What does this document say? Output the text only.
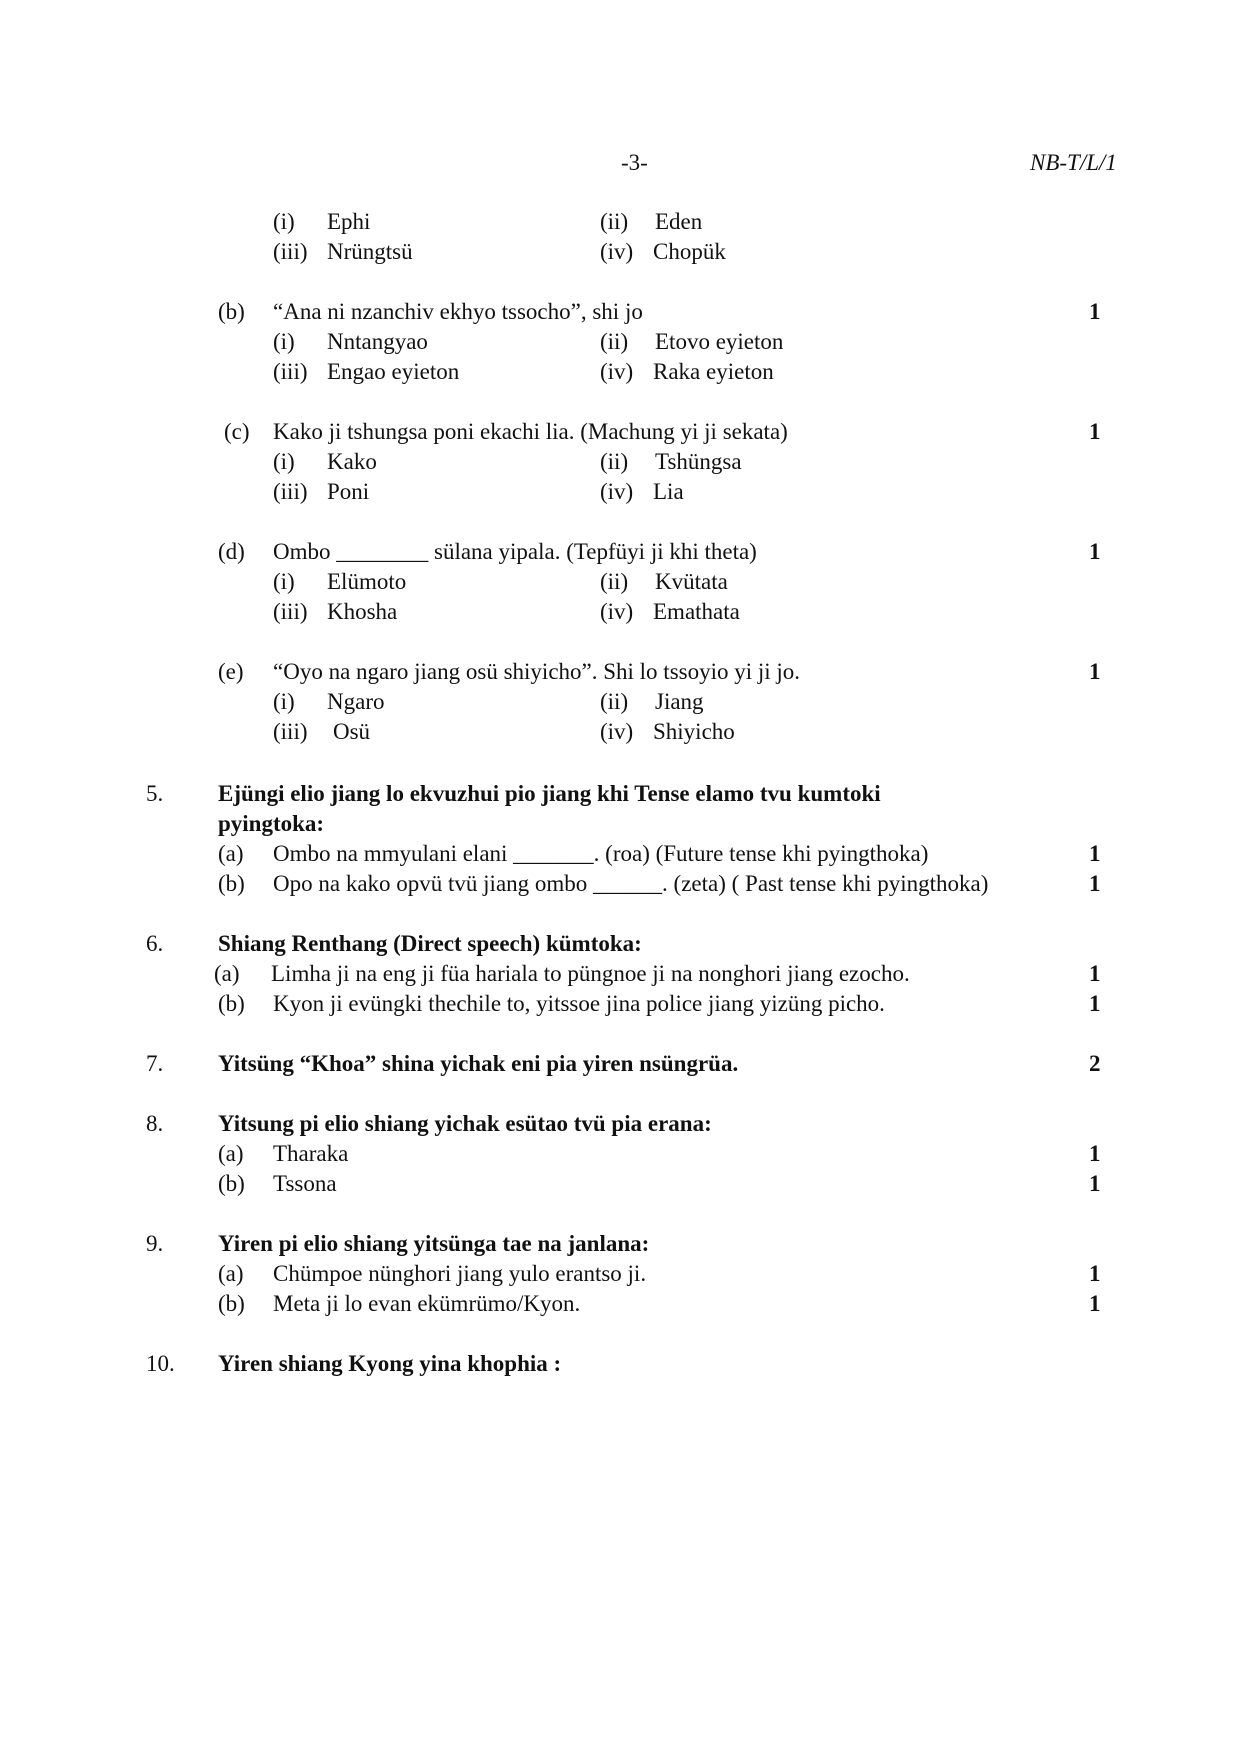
-3-	NB-T/L/1
(i) Ephi	(ii) Eden
(iii) Nrüngtsü	(iv) Chopük
(b) “Ana ni nzanchiv ekhyo tssocho”, shi jo	1
(i) Nntangyao	(ii) Etovo eyieton
(iii) Engao eyieton	(iv) Raka eyieton
(c) Kako ji tshungsa poni ekachi lia. (Machung yi ji sekata)	1
(i) Kako	(ii) Tshüngsa
(iii) Poni	(iv) Lia
(d) Ombo ________ sülana yipala. (Tepfüyi ji khi theta)	1
(i) Elümoto	(ii) Kvütata
(iii) Khosha	(iv) Emathata
(e) “Oyo na ngaro jiang osü shiyicho”. Shi lo tssoyio yi ji jo.	1
(i) Ngaro	(ii) Jiang
(iii) Osü	(iv) Shiyicho
5. Ejüngi elio jiang lo ekvuzhui pio jiang khi Tense elamo tvu kumtoki
pyingtoka:
(a) Ombo na mmyulani elani _______. (roa) (Future tense khi pyingthoka)	1
(b) Opo na kako opvü tvü jiang ombo ______. (zeta) ( Past tense khi pyingthoka)	1
6. Shiang Renthang (Direct speech) kümtoka:
(a) Limha ji na eng ji füa hariala to püngnoe ji na nonghori jiang ezocho.	1
(b) Kyon ji evüngki thechile to, yitssoe jina police jiang yizüng picho.	1
7. Yitsüng “Khoa” shina yichak eni pia yiren nsüngrüa.	2
8. Yitsung pi elio shiang yichak esütao tvü pia erana:
(a) Tharaka	1
(b) Tssona	1
9. Yiren pi elio shiang yitsünga tae na janlana:
(a) Chümpoe nünghori jiang yulo erantso ji.	1
(b) Meta ji lo evan ekümrümo/Kyon.	1
10. Yiren shiang Kyong yina khophia :
